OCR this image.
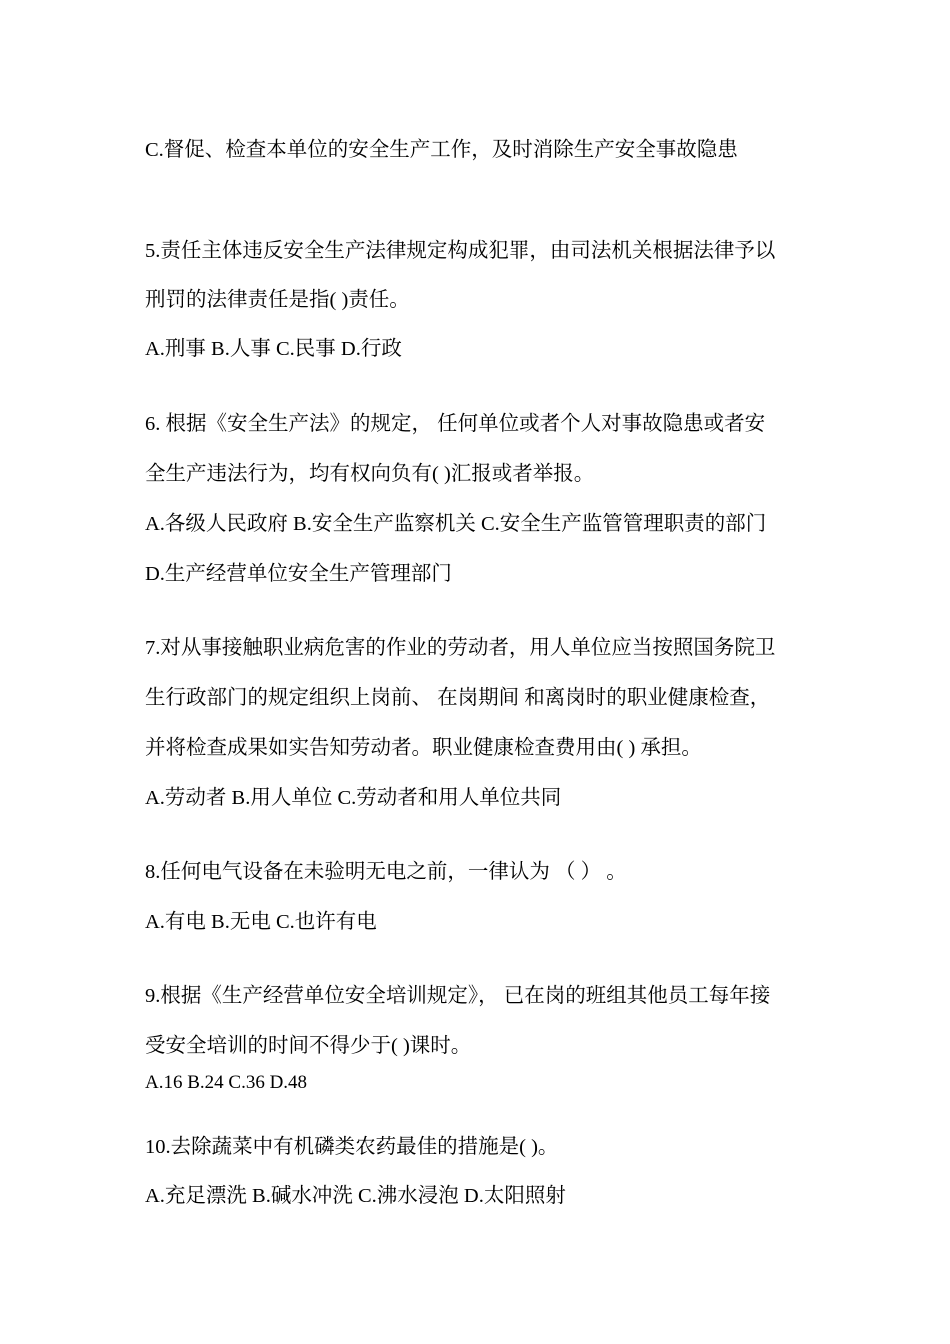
C.督促、检查本单位的安全生产工作，及时消除生产安全事故隐患
5.责任主体违反安全生产法律规定构成犯罪，由司法机关根据法律予以
刑罚的法律责任是指( )责任。
A.刑事 B.人事 C.民事 D.行政
6. 根据《安全生产法》的规定， 任何单位或者个人对事故隐患或者安
全生产违法行为，均有权向负有( )汇报或者举报。
A.各级人民政府 B.安全生产监察机关 C.安全生产监管管理职责的部门
D.生产经营单位安全生产管理部门
7.对从事接触职业病危害的作业的劳动者，用人单位应当按照国务院卫
生行政部门的规定组织上岗前、 在岗期间 和离岗时的职业健康检查，
并将检查成果如实告知劳动者。职业健康检查费用由( ) 承担。
A.劳动者 B.用人单位 C.劳动者和用人单位共同
8.任何电气设备在未验明无电之前，一律认为 （ ） 。
A.有电 B.无电 C.也许有电
9.根据《生产经营单位安全培训规定》， 已在岗的班组其他员工每年接
受安全培训的时间不得少于( )课时。
A.16 B.24 C.36 D.48
10.去除蔬菜中有机磷类农药最佳的措施是( )。
A.充足漂洗 B.碱水冲洗 C.沸水浸泡 D.太阳照射
